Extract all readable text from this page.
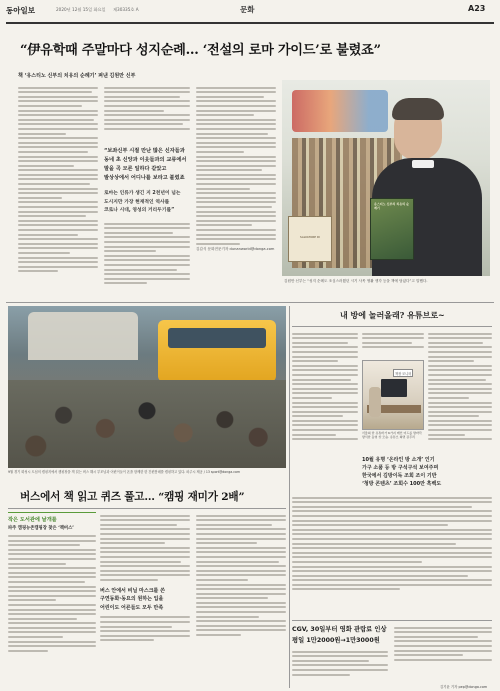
동아일보	2020년 12월 15일 화요일 제30335호 A	문화	A23
“伊유학때 주말마다 성지순례… ‘전설의 로마 가이드’로 불렸죠”
책 ‘유스티노 신부의 치유의 순례기’ 펴낸 김원만 신부
“보좌신부 시절 만난 많은 신자들과
동네 초 신앙과 이웃들과의 교류에서
말을 곡 모른 일하다 같았고
발상상에서 어디나를 보라고 불렀죠
로마는 인류가 생긴 지 2천년이 넘는
도시지만 가장 현재적인 역사를
코로나 시대, 영성의 거리두기를”
김갑식 문화전문기자 dunanworld@donga.com
유스티노 신부의 치유의 순례기
SALVATORE DI
김원만 신부는 “성지 순례도 조심스러웠던 시기 사목 생활 생각 등을 책에 담았다”고 말했다.
9월 경기 화성시 도심의 캠핑지에서 캠핑장을 책 읽는 버스 해시 부모님과 어린이들이 폰을 함께한 한 간편봉매를 캠핑하고 있다. 파주시 제공 / 13 sport@donga.com
내 방에 놀러올래? 유튜브로~
책장 모니터
서울의 한 유튜버가 6가지 메인 미드를 방바닥 방식한 동영 상 모습. 유튜브 화면 갈무리
10월 유명 ‘온라인 방 소개’ 인기
가구 소품 등 방 구석구석 보여주며
한국에서 김방이독 조회 조이 기반
‘청방 콘텐츠’ 조회수 100만 흑백도
CGV, 30일부터 영화 관람료 인상
평일 1만2000원→1만3000원
김기윤 기자 pep@donga.com
버스에서 책 읽고 퀴즈 풀고… “캠핑 재미가 2배”
작은 도서관에 날개를
파주 캠핑뉴존캠핑장 찾은 ‘책버스’
버스 안에서 비닐 마스크를 쓴
구연동화·동요의 원하는 입을
어린이도 어른들도 모두 만족
